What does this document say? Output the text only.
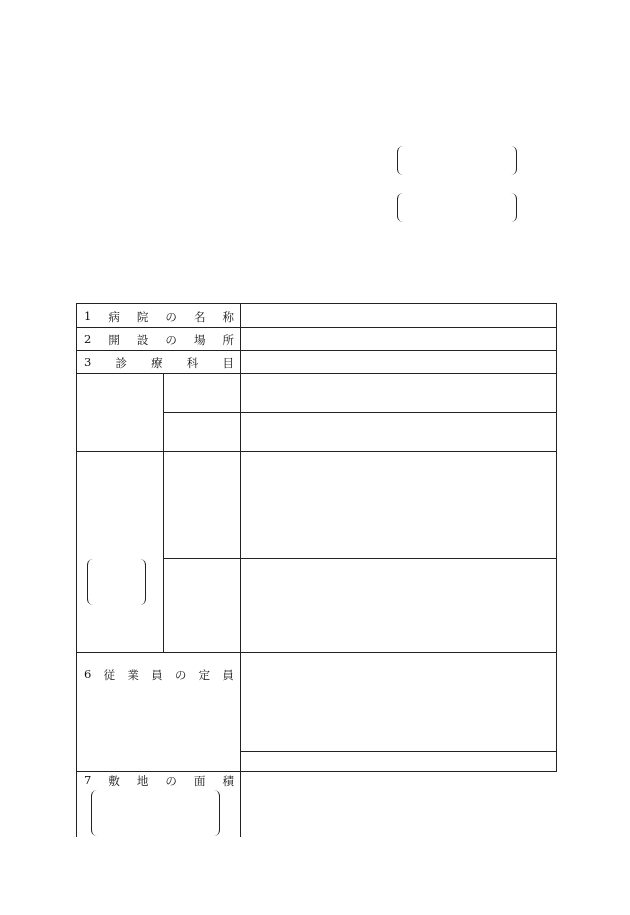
1 病 院 の 名 称
2 開 設 の 場 所
3 診 療 科 目
6 従 業 員 の 定 員
7 敷 地 の 面 積
